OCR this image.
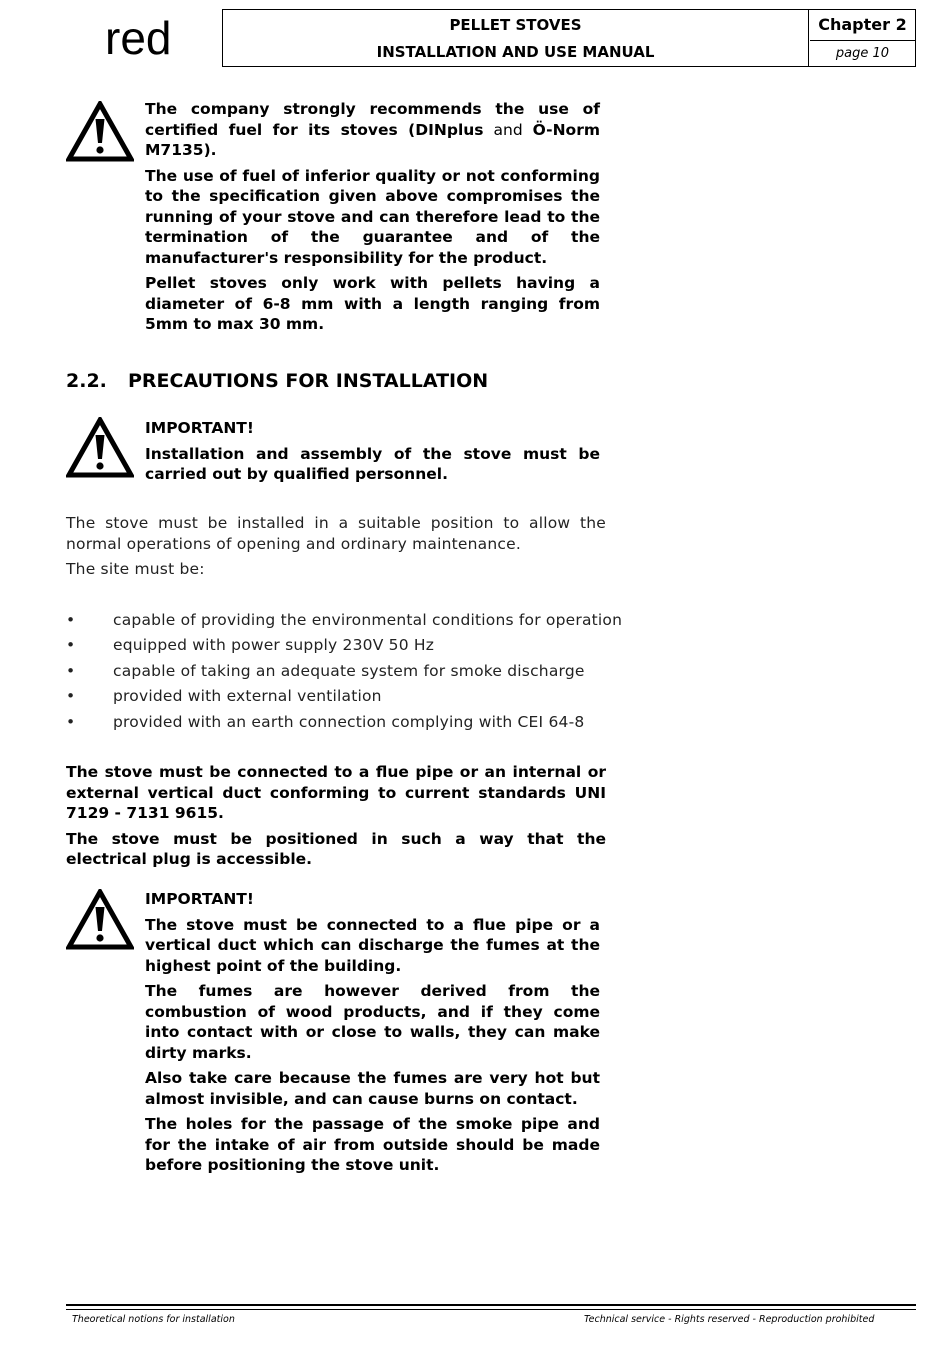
red	PELLET STOVES
INSTALLATION AND USE MANUAL
Chapter 2
page 10

The company strongly recommends the use of certified fuel for its stoves (DINplus and Ö-Norm M7135).

The use of fuel of inferior quality or not conforming to the specification given above compromises the running of your stove and can therefore lead to the termination of the guarantee and of the manufacturer's responsibility for the product.

Pellet stoves only work with pellets having a diameter of 6-8 mm with a length ranging from 5mm to max 30 mm.

2.2. PRECAUTIONS FOR INSTALLATION

IMPORTANT!

Installation and assembly of the stove must be carried out by qualified personnel.

The stove must be installed in a suitable position to allow the normal operations of opening and ordinary maintenance.

The site must be:

• capable of providing the environmental conditions for operation
• equipped with power supply 230V 50 Hz
• capable of taking an adequate system for smoke discharge
• provided with external ventilation
• provided with an earth connection complying with CEI 64-8

The stove must be connected to a flue pipe or an internal or external vertical duct conforming to current standards UNI 7129 - 7131 9615.

The stove must be positioned in such a way that the electrical plug is accessible.

IMPORTANT!

The stove must be connected to a flue pipe or a vertical duct which can discharge the fumes at the highest point of the building.

The fumes are however derived from the combustion of wood products, and if they come into contact with or close to walls, they can make dirty marks.

Also take care because the fumes are very hot but almost invisible, and can cause burns on contact.

The holes for the passage of the smoke pipe and for the intake of air from outside should be made before positioning the stove unit.

Theoretical notions for installation	Technical service - Rights reserved - Reproduction prohibited
